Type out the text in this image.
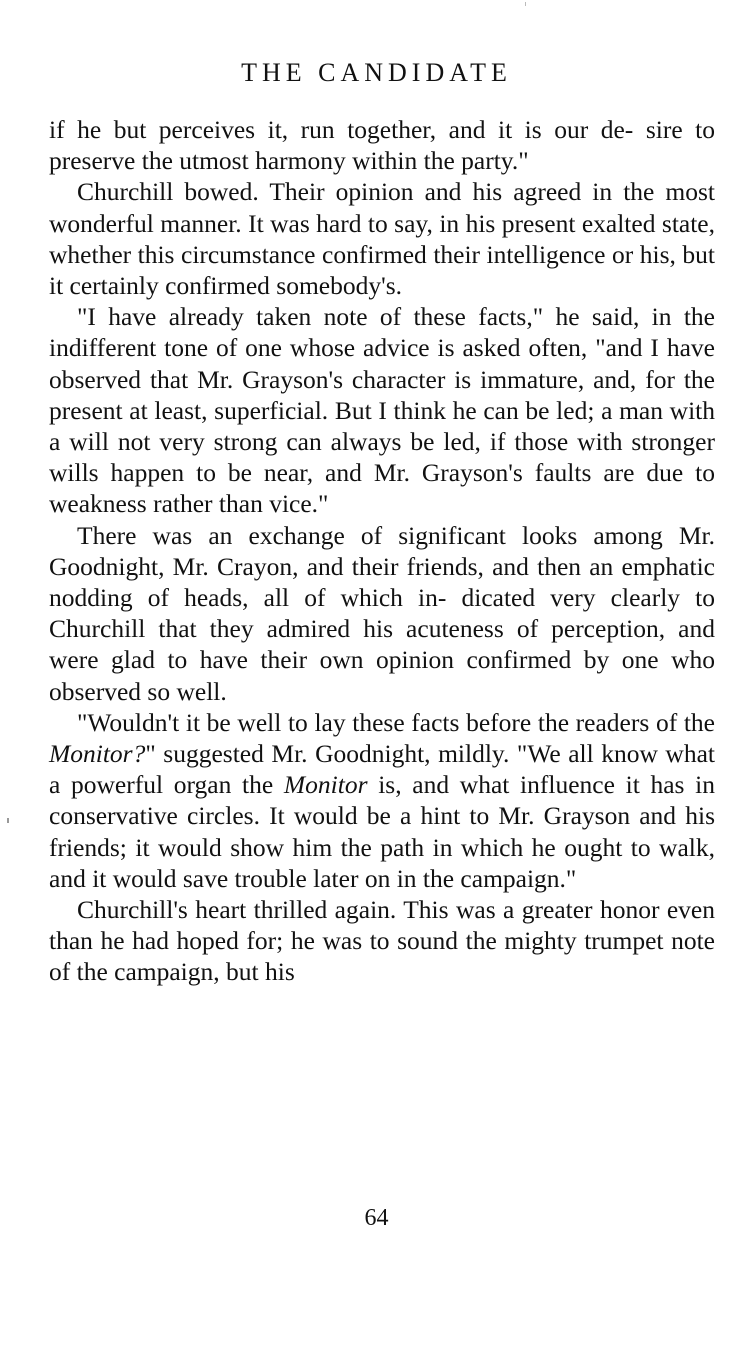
THE CANDIDATE

if he but perceives it, run together, and it is our de- sire to preserve the utmost harmony within the party."

Churchill bowed. Their opinion and his agreed in the most wonderful manner. It was hard to say, in his present exalted state, whether this circumstance confirmed their intelligence or his, but it certainly confirmed somebody's.

"I have already taken note of these facts," he said, in the indifferent tone of one whose advice is asked often, "and I have observed that Mr. Grayson's character is immature, and, for the present at least, superficial. But I think he can be led; a man with a will not very strong can always be led, if those with stronger wills happen to be near, and Mr. Grayson's faults are due to weakness rather than vice."

There was an exchange of significant looks among Mr. Goodnight, Mr. Crayon, and their friends, and then an emphatic nodding of heads, all of which in- dicated very clearly to Churchill that they admired his acuteness of perception, and were glad to have their own opinion confirmed by one who observed so well.

"Wouldn't it be well to lay these facts before the readers of the Monitor?" suggested Mr. Goodnight, mildly. "We all know what a powerful organ the Monitor is, and what influence it has in conservative circles. It would be a hint to Mr. Grayson and his friends; it would show him the path in which he ought to walk, and it would save trouble later on in the campaign."

Churchill's heart thrilled again. This was a greater honor even than he had hoped for; he was to sound the mighty trumpet note of the campaign, but his

64
